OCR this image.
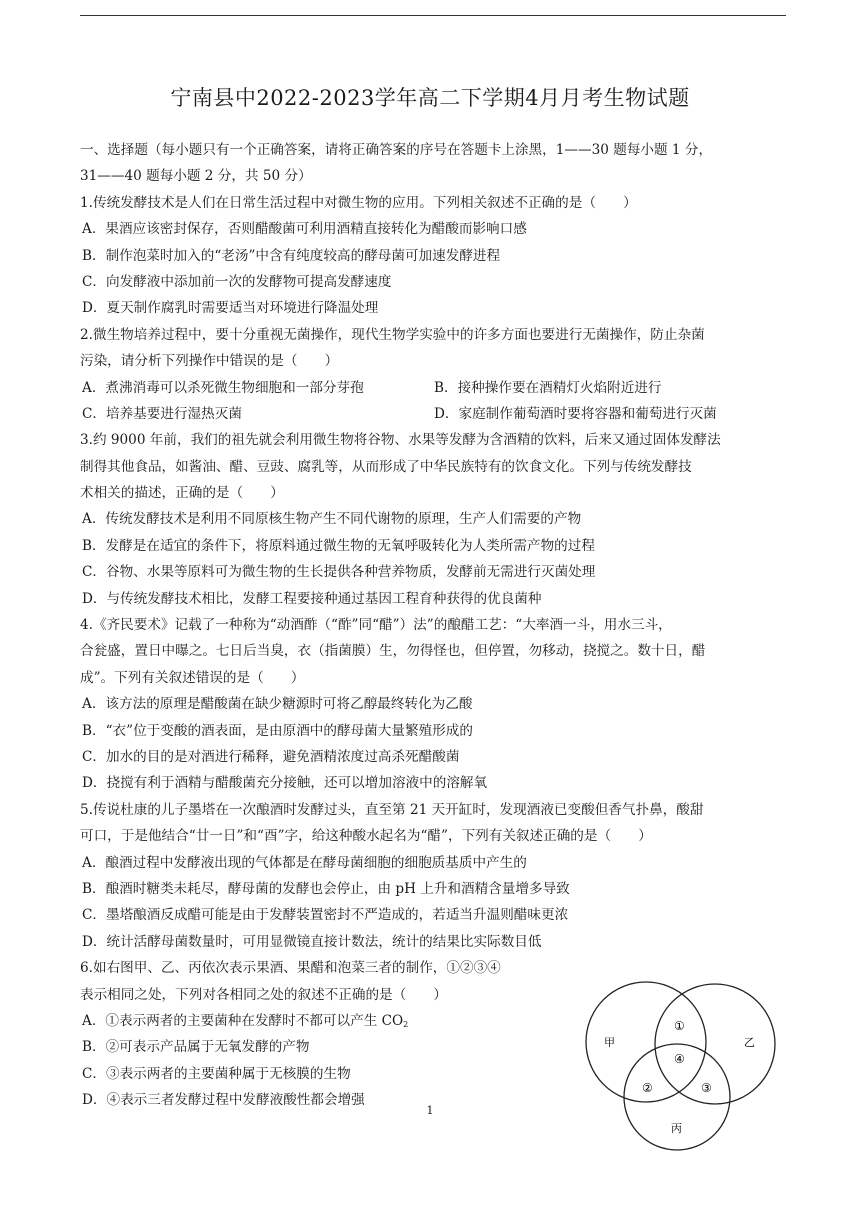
宁南县中2022-2023学年高二下学期4月月考生物试题
一、选择题（每小题只有一个正确答案，请将正确答案的序号在答题卡上涂黑，1——30 题每小题 1 分，
31——40 题每小题 2 分，共 50 分）
1.传统发酵技术是人们在日常生活过程中对微生物的应用。下列相关叙述不正确的是（　　）
A．果酒应该密封保存，否则醋酸菌可利用酒精直接转化为醋酸而影响口感
B．制作泡菜时加入的“老汤”中含有纯度较高的酵母菌可加速发酵进程
C．向发酵液中添加前一次的发酵物可提高发酵速度
D．夏天制作腐乳时需要适当对环境进行降温处理
2.微生物培养过程中，要十分重视无菌操作，现代生物学实验中的许多方面也要进行无菌操作，防止杂菌
污染，请分析下列操作中错误的是（　　）
A．煮沸消毒可以杀死微生物细胞和一部分芽孢	B．接种操作要在酒精灯火焰附近进行
C．培养基要进行湿热灭菌	D．家庭制作葡萄酒时要将容器和葡萄进行灭菌
3.约 9000 年前，我们的祖先就会利用微生物将谷物、水果等发酵为含酒精的饮料，后来又通过固体发酵法
制得其他食品，如酱油、醋、豆豉、腐乳等，从而形成了中华民族特有的饮食文化。下列与传统发酵技
术相关的描述，正确的是（　　）
A．传统发酵技术是利用不同原核生物产生不同代谢物的原理，生产人们需要的产物
B．发酵是在适宜的条件下，将原料通过微生物的无氧呼吸转化为人类所需产物的过程
C．谷物、水果等原料可为微生物的生长提供各种营养物质，发酵前无需进行灭菌处理
D．与传统发酵技术相比，发酵工程要接种通过基因工程育种获得的优良菌种
4.《齐民要术》记载了一种称为“动酒酢（“酢”同“醋”）法”的酿醋工艺：“大率酒一斗，用水三斗，
合瓮盛，置日中曝之。七日后当臭，衣（指菌膜）生，勿得怪也，但停置，勿移动，挠搅之。数十日，醋
成”。下列有关叙述错误的是（　　）
A．该方法的原理是醋酸菌在缺少糖源时可将乙醇最终转化为乙酸
B．“衣”位于变酸的酒表面，是由原酒中的酵母菌大量繁殖形成的
C．加水的目的是对酒进行稀释，避免酒精浓度过高杀死醋酸菌
D．挠搅有利于酒精与醋酸菌充分接触，还可以增加溶液中的溶解氧
5.传说杜康的儿子墨塔在一次酿酒时发酵过头，直至第 21 天开缸时，发现酒液已变酸但香气扑鼻，酸甜
可口，于是他结合“廿一日”和“酉”字，给这种酸水起名为“醋”，下列有关叙述正确的是（　　）
A．酿酒过程中发酵液出现的气体都是在酵母菌细胞的细胞质基质中产生的
B．酿酒时糖类未耗尽，酵母菌的发酵也会停止，由 pH 上升和酒精含量增多导致
C．墨塔酿酒反成醋可能是由于发酵装置密封不严造成的，若适当升温则醋味更浓
D．统计活酵母菌数量时，可用显微镜直接计数法，统计的结果比实际数目低
6.如右图甲、乙、丙依次表示果酒、果醋和泡菜三者的制作，①②③④
表示相同之处，下列对各相同之处的叙述不正确的是（　　）
A．①表示两者的主要菌种在发酵时不都可以产生 $CO_2$
B．②可表示产品属于无氧发酵的产物
C．③表示两者的主要菌种属于无核膜的生物
D．④表示三者发酵过程中发酵液酸性都会增强
甲	乙
丙
①
④
②	③
1
